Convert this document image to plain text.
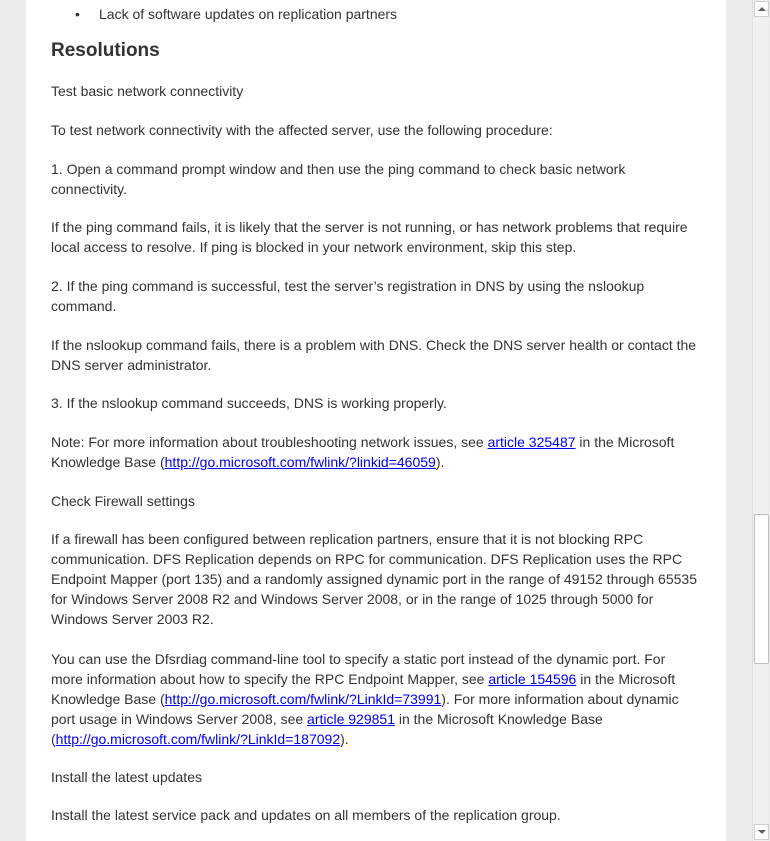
• Lack of software updates on replication partners
Resolutions

Test basic network connectivity

To test network connectivity with the affected server, use the following procedure:

1. Open a command prompt window and then use the ping command to check basic network connectivity.

If the ping command fails, it is likely that the server is not running, or has network problems that require local access to resolve. If ping is blocked in your network environment, skip this step.

2. If the ping command is successful, test the server’s registration in DNS by using the nslookup command.

If the nslookup command fails, there is a problem with DNS. Check the DNS server health or contact the DNS server administrator.

3. If the nslookup command succeeds, DNS is working properly.

Note: For more information about troubleshooting network issues, see article 325487 in the Microsoft Knowledge Base (http://go.microsoft.com/fwlink/?linkid=46059).

Check Firewall settings

If a firewall has been configured between replication partners, ensure that it is not blocking RPC communication. DFS Replication depends on RPC for communication. DFS Replication uses the RPC Endpoint Mapper (port 135) and a randomly assigned dynamic port in the range of 49152 through 65535 for Windows Server 2008 R2 and Windows Server 2008, or in the range of 1025 through 5000 for Windows Server 2003 R2.

You can use the Dfsrdiag command-line tool to specify a static port instead of the dynamic port. For more information about how to specify the RPC Endpoint Mapper, see article 154596 in the Microsoft Knowledge Base (http://go.microsoft.com/fwlink/?LinkId=73991). For more information about dynamic port usage in Windows Server 2008, see article 929851 in the Microsoft Knowledge Base (http://go.microsoft.com/fwlink/?LinkId=187092).

Install the latest updates

Install the latest service pack and updates on all members of the replication group.
